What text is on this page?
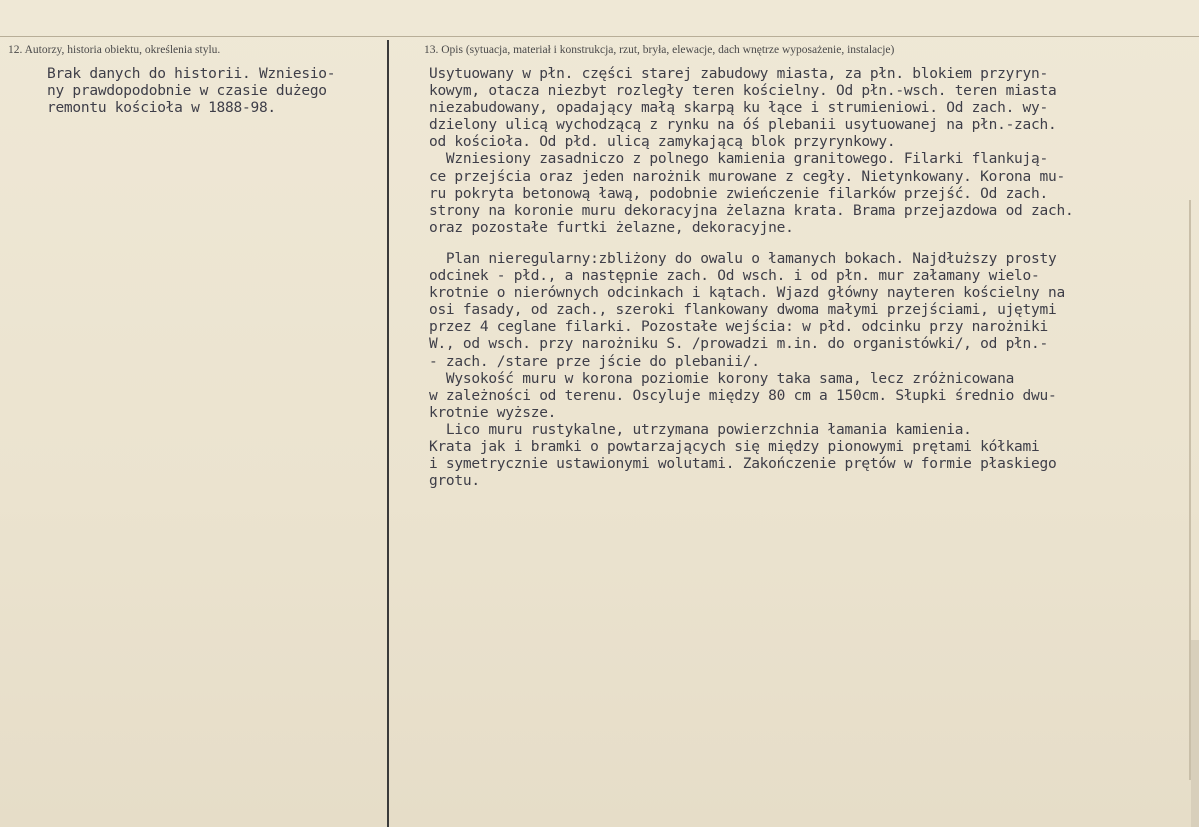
12. Autorzy, historia obiektu, określenia stylu.	13. Opis (sytuacja, materiał i konstrukcja, rzut, bryła, elewacje, dach wnętrze wyposażenie, instalacje)
Brak danych do historii. Wzniesio-
ny prawdopodobnie w czasie dużego
remontu kościoła w 1888-98.
Usytuowany w płn. części starej zabudowy miasta, za płn. blokiem przyryn-
kowym, otacza niezbyt rozległy teren kościelny. Od płn.-wsch. teren miasta
niezabudowany, opadający małą skarpą ku łące i strumieniowi. Od zach. wy-
dzielony ulicą wychodzącą z rynku na óś plebanii usytuowanej na płn.-zach.
od kościoła. Od płd. ulicą zamykającą blok przyrynkowy.
Wzniesiony zasadniczo z polnego kamienia granitowego. Filarki flankują-
ce przejścia oraz jeden narożnik murowane z cegły. Nietynkowany. Korona mu-
ru pokryta betonową ławą, podobnie zwieńczenie filarków przejść. Od zach.
strony na koronie muru dekoracyjna żelazna krata. Brama przejazdowa od zach.
oraz pozostałe furtki żelazne, dekoracyjne.
Plan nieregularny:zbliżony do owalu o łamanych bokach. Najdłuższy prosty
odcinek - płd., a następnie zach. Od wsch. i od płn. mur załamany wielo-
krotnie o nierównych odcinkach i kątach. Wjazd główny nayteren kościelny na
osi fasady, od zach., szeroki flankowany dwoma małymi przejściami, ujętymi
przez 4 ceglane filarki. Pozostałe wejścia: w płd. odcinku przy narożniki
W., od wsch. przy narożniku S. /prowadzi m.in. do organistówki/, od płn.-
- zach. /stare prze jście do plebanii/.
Wysokość muru w korona poziomie korony taka sama, lecz zróżnicowana
w zależności od terenu. Oscyluje między 80 cm a 150cm. Słupki średnio dwu-
krotnie wyższe.
Lico muru rustykalne, utrzymana powierzchnia łamania kamienia.
Krata jak i bramki o powtarzających się między pionowymi prętami kółkami
i symetrycznie ustawionymi wolutami. Zakończenie prętów w formie płaskiego
grotu.
